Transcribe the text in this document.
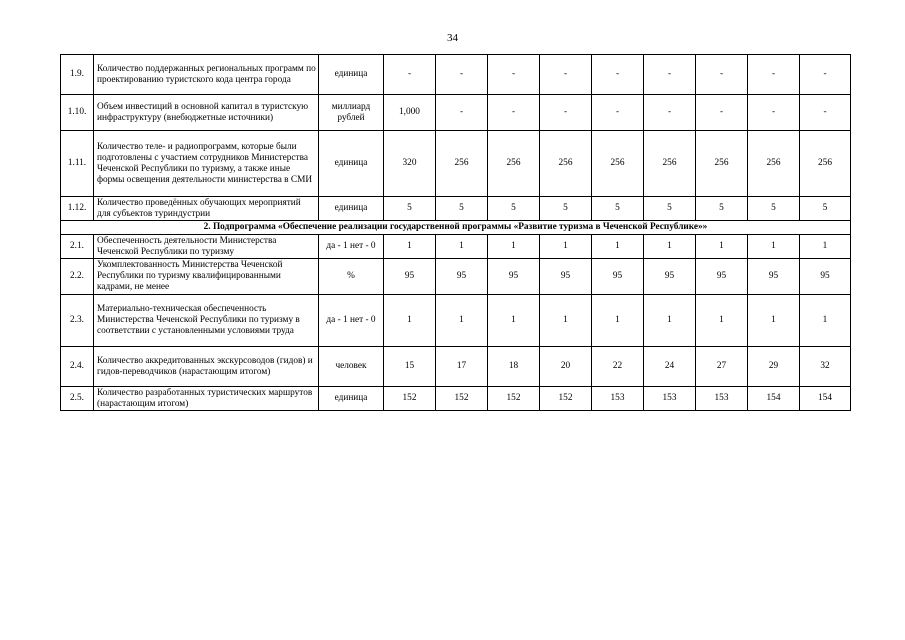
34
1.9.	Количество поддержанных региональных программ по проектированию туристского кода центра города	единица	-	-	-	-	-	-	-	-	-
1.10.	Объем инвестиций в основной капитал в туристскую инфраструктуру (внебюджетные источники)	миллиард рублей	1,000	-	-	-	-	-	-	-	-
1.11.	Количество теле- и радиопрограмм, которые были подготовлены с участием сотрудников Министерства Чеченской Республики по туризму, а также иные формы освещения деятельности министерства в СМИ	единица	320	256	256	256	256	256	256	256	256
1.12.	Количество проведённых обучающих мероприятий для субъектов туриндустрии	единица	5	5	5	5	5	5	5	5	5
2. Подпрограмма «Обеспечение реализации государственной программы «Развитие туризма в Чеченской Республике»»											
2.1.	Обеспеченность деятельности Министерства Чеченской Республики по туризму	да - 1 нет - 0	1	1	1	1	1	1	1	1	1
2.2.	Укомплектованность Министерства Чеченской Республики по туризму квалифицированными кадрами, не менее	%	95	95	95	95	95	95	95	95	95
2.3.	Материально-техническая обеспеченность Министерства Чеченской Республики по туризму в соответствии с установленными условиями труда	да - 1 нет - 0	1	1	1	1	1	1	1	1	1
2.4.	Количество аккредитованных экскурсоводов (гидов) и гидов-переводчиков (нарастающим итогом)	человек	15	17	18	20	22	24	27	29	32
2.5.	Количество разработанных туристических маршрутов (нарастающим итогом)	единица	152	152	152	152	153	153	153	154	154
